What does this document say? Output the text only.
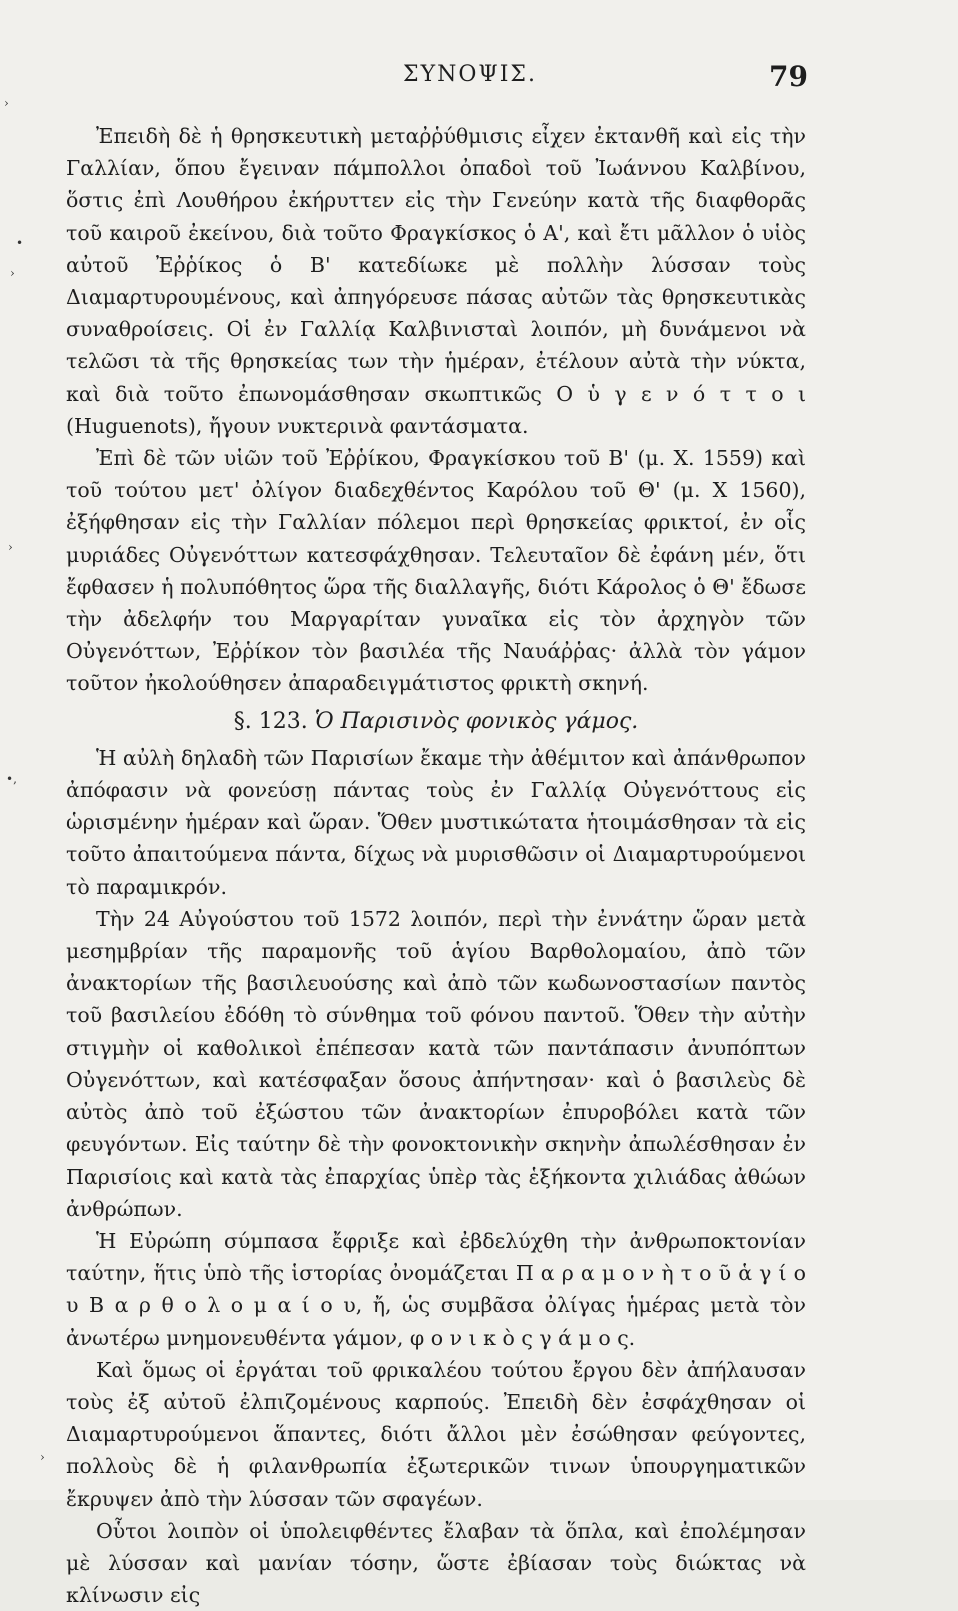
ΣΥΝΟΨΙΣ.	79
›
•
›
›
•,
›

Ἐπειδὴ δὲ ἡ θρησκευτικὴ μεταῤῥύθμισις εἶχεν ἐκτανθῆ καὶ εἰς τὴν Γαλλίαν, ὅπου ἔγειναν πάμπολλοι ὀπαδοὶ τοῦ Ἰωάννου Καλβίνου, ὅστις ἐπὶ Λουθήρου ἐκήρυττεν εἰς τὴν Γενεύην κατὰ τῆς διαφθορᾶς τοῦ καιροῦ ἐκείνου, διὰ τοῦτο Φραγκίσκος ὁ Α', καὶ ἔτι μᾶλλον ὁ υἱὸς αὐτοῦ Ἐῤῥίκος ὁ Β' κατεδίωκε μὲ πολλὴν λύσσαν τοὺς Διαμαρτυρουμένους, καὶ ἀπηγόρευσε πάσας αὐτῶν τὰς θρησκευτικὰς συναθροίσεις. Οἱ ἐν Γαλλίᾳ Καλβινισταὶ λοιπόν, μὴ δυνάμενοι νὰ τελῶσι τὰ τῆς θρησκείας των τὴν ἡμέραν, ἐτέλουν αὐτὰ τὴν νύκτα, καὶ διὰ τοῦτο ἐπωνομάσθησαν σκωπτικῶς Ο ὑ γ ε ν ό τ τ ο ι (Huguenots), ἤγουν νυκτερινὰ φαντάσματα.

Ἐπὶ δὲ τῶν υἱῶν τοῦ Ἐῤῥίκου, Φραγκίσκου τοῦ Β' (μ. Χ. 1559) καὶ τοῦ τούτου μετ' ὀλίγον διαδεχθέντος Καρόλου τοῦ Θ' (μ. Χ 1560), ἐξήφθησαν εἰς τὴν Γαλλίαν πόλεμοι περὶ θρησκείας φρικτοί, ἐν οἷς μυριάδες Οὐγενόττων κατεσφάχθησαν. Τελευταῖον δὲ ἐφάνη μέν, ὅτι ἔφθασεν ἡ πολυπόθητος ὥρα τῆς διαλλαγῆς, διότι Κάρολος ὁ Θ' ἔδωσε τὴν ἀδελφήν του Μαργαρίταν γυναῖκα εἰς τὸν ἀρχηγὸν τῶν Οὐγενόττων, Ἐῤῥίκον τὸν βασιλέα τῆς Ναυάῤῥας· ἀλλὰ τὸν γάμον τοῦτον ἠκολούθησεν ἀπαραδειγμάτιστος φρικτὴ σκηνή.

§. 123. Ὁ Παρισινὸς φονικὸς γάμος.

Ἡ αὐλὴ δηλαδὴ τῶν Παρισίων ἔκαμε τὴν ἀθέμιτον καὶ ἀπάνθρωπον ἀπόφασιν νὰ φονεύσῃ πάντας τοὺς ἐν Γαλλίᾳ Οὐγενόττους εἰς ὡρισμένην ἡμέραν καὶ ὥραν. Ὅθεν μυστικώτατα ἡτοιμάσθησαν τὰ εἰς τοῦτο ἀπαιτούμενα πάντα, δίχως νὰ μυρισθῶσιν οἱ Διαμαρτυρούμενοι τὸ παραμικρόν.

Τὴν 24 Αὐγούστου τοῦ 1572 λοιπόν, περὶ τὴν ἐννάτην ὥραν μετὰ μεσημβρίαν τῆς παραμονῆς τοῦ ἁγίου Βαρθολομαίου, ἀπὸ τῶν ἀνακτορίων τῆς βασιλευούσης καὶ ἀπὸ τῶν κωδωνοστασίων παντὸς τοῦ βασιλείου ἐδόθη τὸ σύνθημα τοῦ φόνου παντοῦ. Ὅθεν τὴν αὐτὴν στιγμὴν οἱ καθολικοὶ ἐπέπεσαν κατὰ τῶν παντάπασιν ἀνυπόπτων Οὐγενόττων, καὶ κατέσφαξαν ὅσους ἀπήντησαν· καὶ ὁ βασιλεὺς δὲ αὐτὸς ἀπὸ τοῦ ἐξώστου τῶν ἀνακτορίων ἐπυροβόλει κατὰ τῶν φευγόντων. Εἰς ταύτην δὲ τὴν φονοκτονικὴν σκηνὴν ἀπωλέσθησαν ἐν Παρισίοις καὶ κατὰ τὰς ἐπαρχίας ὑπὲρ τὰς ἑξήκοντα χιλιάδας ἀθώων ἀνθρώπων.

Ἡ Εὐρώπη σύμπασα ἔφριξε καὶ ἐβδελύχθη τὴν ἀνθρωποκτονίαν ταύτην, ἥτις ὑπὸ τῆς ἱστορίας ὀνομάζεται Π α ρ α μ ο ν ὴ τ ο ῦ ἁ γ ί ο υ Β α ρ θ ο λ ο μ α ί ο υ, ἤ, ὡς συμβᾶσα ὀλίγας ἡμέρας μετὰ τὸν ἀνωτέρω μνημονευθέντα γάμον, φ ο ν ι κ ὸ ς γ ά μ ο ς.

Καὶ ὅμως οἱ ἐργάται τοῦ φρικαλέου τούτου ἔργου δὲν ἀπήλαυσαν τοὺς ἐξ αὐτοῦ ἐλπιζομένους καρπούς. Ἐπειδὴ δὲν ἐσφάχθησαν οἱ Διαμαρτυρούμενοι ἅπαντες, διότι ἄλλοι μὲν ἐσώθησαν φεύγοντες, πολλοὺς δὲ ἡ φιλανθρωπία ἐξωτερικῶν τινων ὑπουργηματικῶν ἔκρυψεν ἀπὸ τὴν λύσσαν τῶν σφαγέων.

Οὗτοι λοιπὸν οἱ ὑπολειφθέντες ἔλαβαν τὰ ὅπλα, καὶ ἐπολέμησαν μὲ λύσσαν καὶ μανίαν τόσην, ὥστε ἐβίασαν τοὺς διώκτας νὰ κλίνωσιν εἰς
